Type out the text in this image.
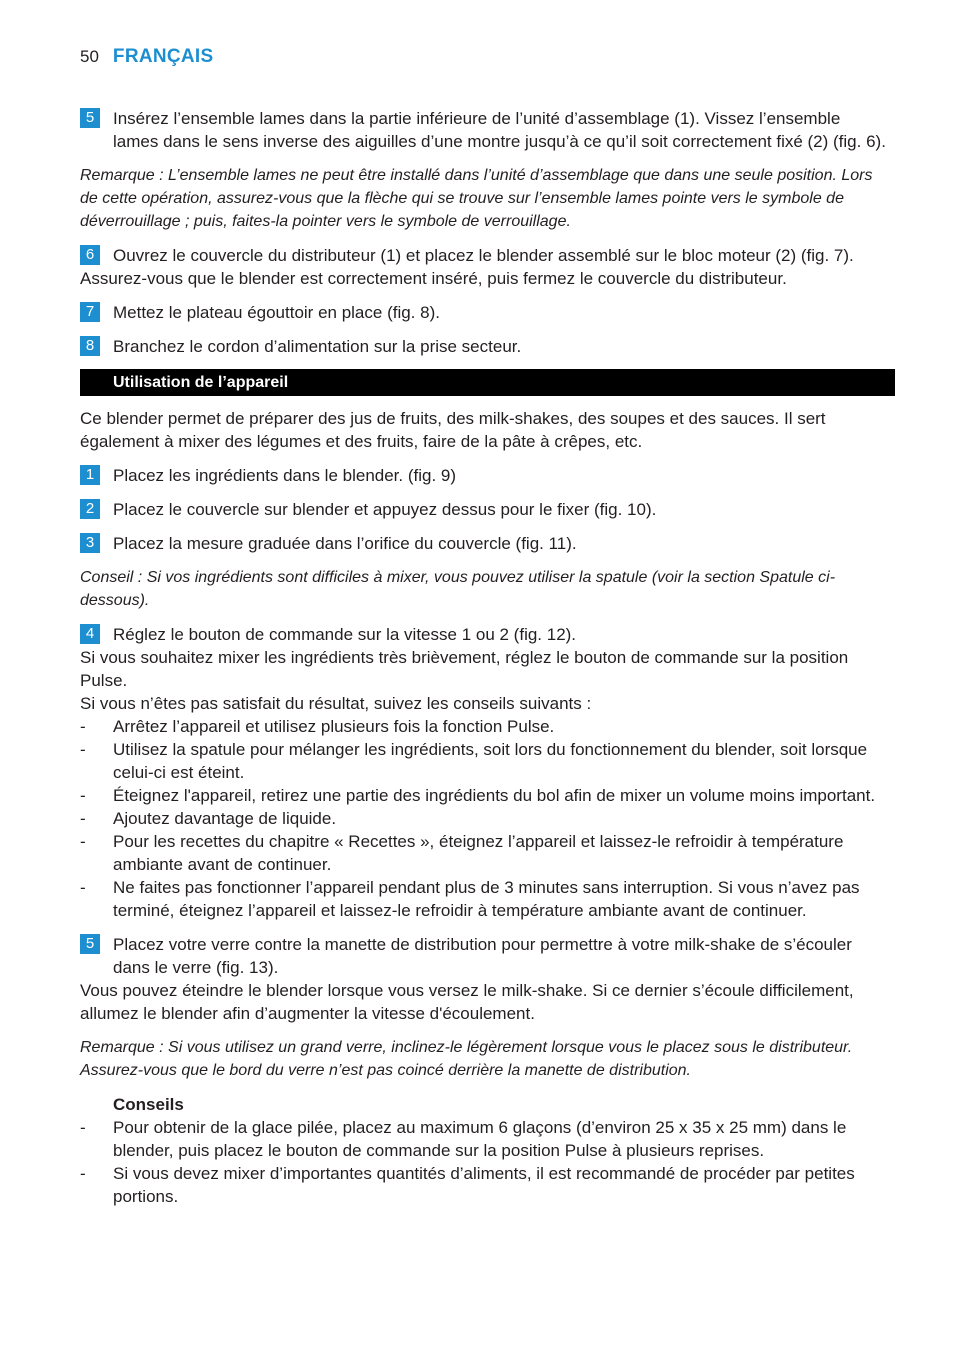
50 FRANÇAIS
5	Insérez l’ensemble lames dans la partie inférieure de l’unité d’assemblage (1). Vissez l’ensemble lames dans le sens inverse des aiguilles d’une montre jusqu’à ce qu’il soit correctement fixé (2) (fig. 6).
Remarque : L’ensemble lames ne peut être installé dans l’unité d’assemblage que dans une seule position. Lors de cette opération, assurez-vous que la flèche qui se trouve sur l’ensemble lames pointe vers le symbole de déverrouillage ; puis, faites-la pointer vers le symbole de verrouillage.
6	Ouvrez le couvercle du distributeur (1) et placez le blender assemblé sur le bloc moteur (2) (fig. 7).
Assurez-vous que le blender est correctement inséré, puis fermez le couvercle du distributeur.
7	Mettez le plateau égouttoir en place (fig. 8).
8	Branchez le cordon d’alimentation sur la prise secteur.
Utilisation de l’appareil
Ce blender permet de préparer des jus de fruits, des milk-shakes, des soupes et des sauces. Il sert également à mixer des légumes et des fruits, faire de la pâte à crêpes, etc.
1	Placez les ingrédients dans le blender. (fig. 9)
2	Placez le couvercle sur blender et appuyez dessus pour le fixer (fig. 10).
3	Placez la mesure graduée dans l’orifice du couvercle (fig. 11).
Conseil : Si vos ingrédients sont difficiles à mixer, vous pouvez utiliser la spatule (voir la section Spatule ci-dessous).
4	Réglez le bouton de commande sur la vitesse 1 ou 2 (fig. 12).
Si vous souhaitez mixer les ingrédients très brièvement, réglez le bouton de commande sur la position Pulse.
Si vous n’êtes pas satisfait du résultat, suivez les conseils suivants :
-	Arrêtez l’appareil et utilisez plusieurs fois la fonction Pulse.
-	Utilisez la spatule pour mélanger les ingrédients, soit lors du fonctionnement du blender, soit lorsque celui-ci est éteint.
-	Éteignez l'appareil, retirez une partie des ingrédients du bol afin de mixer un volume moins important.
-	Ajoutez davantage de liquide.
-	Pour les recettes du chapitre « Recettes », éteignez l’appareil et laissez-le refroidir à température ambiante avant de continuer.
-	Ne faites pas fonctionner l’appareil pendant plus de 3 minutes sans interruption. Si vous n’avez pas terminé, éteignez l’appareil et laissez-le refroidir à température ambiante avant de continuer.
5	Placez votre verre contre la manette de distribution pour permettre à votre milk-shake de s’écouler dans le verre (fig. 13).
Vous pouvez éteindre le blender lorsque vous versez le milk-shake. Si ce dernier s’écoule difficilement, allumez le blender afin d’augmenter la vitesse d'écoulement.
Remarque : Si vous utilisez un grand verre, inclinez-le légèrement lorsque vous le placez sous le distributeur. Assurez-vous que le bord du verre n’est pas coincé derrière la manette de distribution.
Conseils
-	Pour obtenir de la glace pilée, placez au maximum 6 glaçons (d’environ 25 x 35 x 25 mm) dans le blender, puis placez le bouton de commande sur la position Pulse à plusieurs reprises.
-	Si vous devez mixer d’importantes quantités d’aliments, il est recommandé de procéder par petites portions.
